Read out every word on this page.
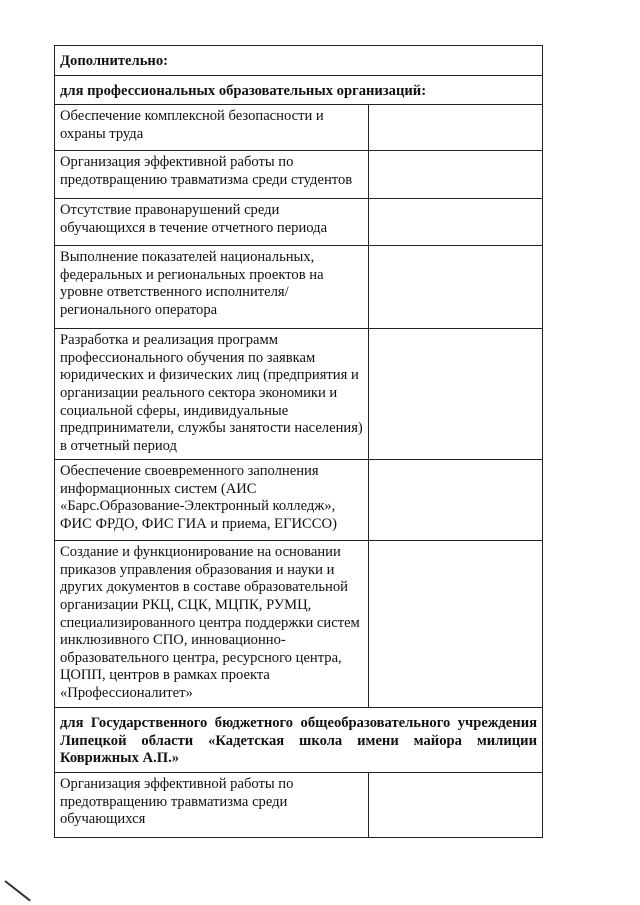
Дополнительно:	
для профессиональных образовательных организаций:	
Обеспечение комплексной безопасности и охраны труда	
Организация эффективной работы по предотвращению травматизма среди студентов	
Отсутствие правонарушений среди обучающихся в течение отчетного периода	
Выполнение показателей национальных, федеральных и региональных проектов на уровне ответственного исполнителя/регионального оператора	
Разработка и реализация программ профессионального обучения по заявкам юридических и физических лиц (предприятия и организации реального сектора экономики и социальной сферы, индивидуальные предприниматели, службы занятости населения) в отчетный период	
Обеспечение своевременного заполнения информационных систем (АИС «Барс.Образование-Электронный колледж», ФИС ФРДО, ФИС ГИА и приема, ЕГИССО)	
Создание и функционирование на основании приказов управления образования и науки и других документов в составе образовательной организации РКЦ, СЦК, МЦПК, РУМЦ, специализированного центра поддержки систем инклюзивного СПО, инновационно-образовательного центра, ресурсного центра, ЦОПП, центров в рамках проекта «Профессионалитет»	
для Государственного бюджетного общеобразовательного учреждения Липецкой области «Кадетская школа имени майора милиции Коврижных А.П.»	
Организация эффективной работы по предотвращению травматизма среди обучающихся	
